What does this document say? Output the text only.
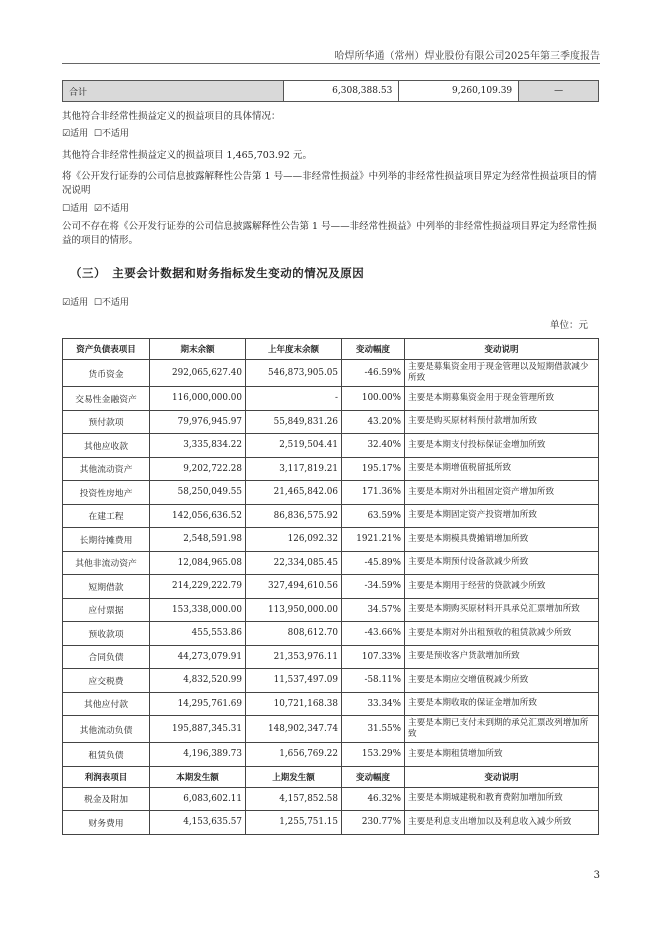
哈焊所华通（常州）焊业股份有限公司2025年第三季度报告
合计	6,308,388.53	9,260,109.39	—
其他符合非经常性损益定义的损益项目的具体情况：
☑适用 ☐不适用
其他符合非经常性损益定义的损益项目 1,465,703.92 元。
将《公开发行证券的公司信息披露解释性公告第 1 号——非经常性损益》中列举的非经常性损益项目界定为经常性损益项目的情况说明
☐适用 ☑不适用
公司不存在将《公开发行证券的公司信息披露解释性公告第 1 号——非经常性损益》中列举的非经常性损益项目界定为经常性损益的项目的情形。
（三）　主要会计数据和财务指标发生变动的情况及原因
☑适用 ☐不适用
单位：元
资产负债表项目	期末余额	上年度末余额	变动幅度	变动说明
货币资金	292,065,627.40	546,873,905.05	-46.59%	主要是募集资金用于现金管理以及短期借款减少所致
交易性金融资产	116,000,000.00	-	100.00%	主要是本期募集资金用于现金管理所致
预付款项	79,976,945.97	55,849,831.26	43.20%	主要是购买原材料预付款增加所致
其他应收款	3,335,834.22	2,519,504.41	32.40%	主要是本期支付投标保证金增加所致
其他流动资产	9,202,722.28	3,117,819.21	195.17%	主要是本期增值税留抵所致
投资性房地产	58,250,049.55	21,465,842.06	171.36%	主要是本期对外出租固定资产增加所致
在建工程	142,056,636.52	86,836,575.92	63.59%	主要是本期固定资产投资增加所致
长期待摊费用	2,548,591.98	126,092.32	1921.21%	主要是本期模具费摊销增加所致
其他非流动资产	12,084,965.08	22,334,085.45	-45.89%	主要是本期预付设备款减少所致
短期借款	214,229,222.79	327,494,610.56	-34.59%	主要是本期用于经营的贷款减少所致
应付票据	153,338,000.00	113,950,000.00	34.57%	主要是本期购买原材料开具承兑汇票增加所致
预收款项	455,553.86	808,612.70	-43.66%	主要是本期对外出租预收的租赁款减少所致
合同负债	44,273,079.91	21,353,976.11	107.33%	主要是预收客户货款增加所致
应交税费	4,832,520.99	11,537,497.09	-58.11%	主要是本期应交增值税减少所致
其他应付款	14,295,761.69	10,721,168.38	33.34%	主要是本期收取的保证金增加所致
其他流动负债	195,887,345.31	148,902,347.74	31.55%	主要是本期已支付未到期的承兑汇票改列增加所致
租赁负债	4,196,389.73	1,656,769.22	153.29%	主要是本期租赁增加所致
利润表项目	本期发生额	上期发生额	变动幅度	变动说明
税金及附加	6,083,602.11	4,157,852.58	46.32%	主要是本期城建税和教育费附加增加所致
财务费用	4,153,635.57	1,255,751.15	230.77%	主要是利息支出增加以及利息收入减少所致
3
